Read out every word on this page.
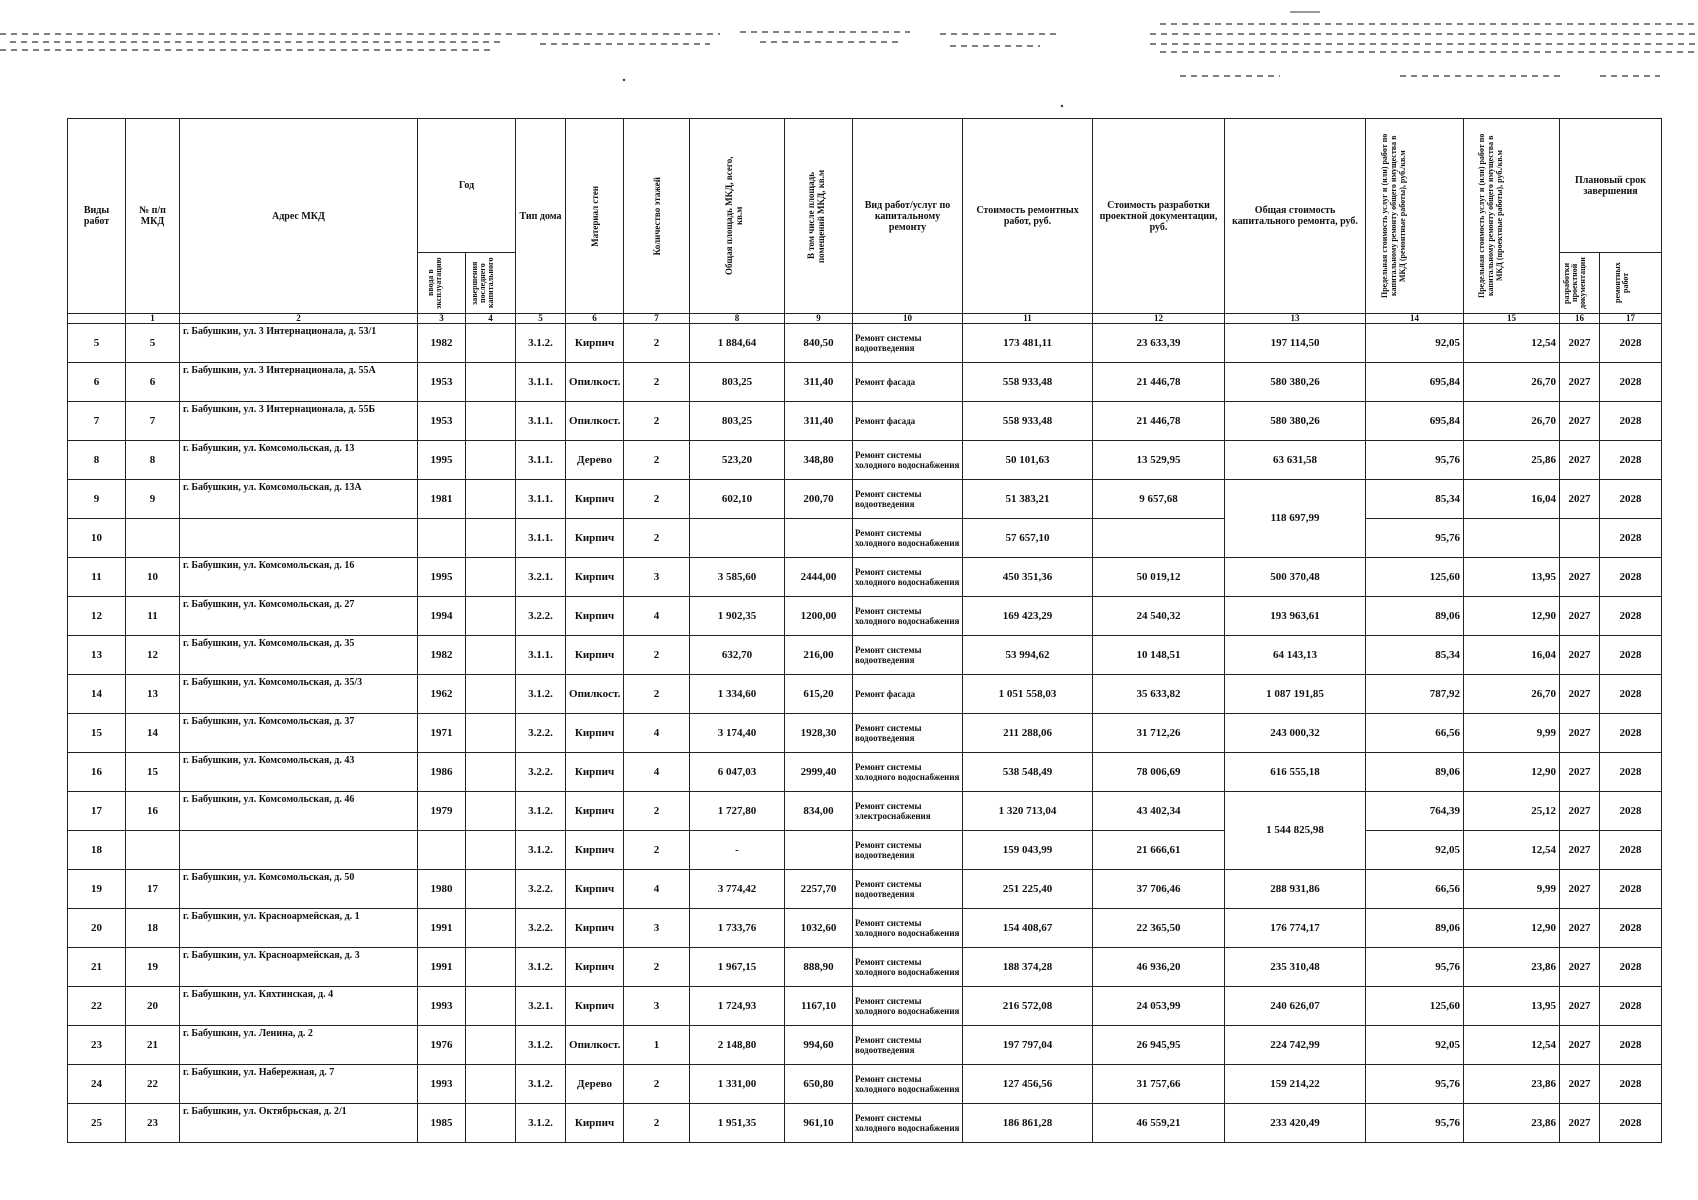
Виды работ	№ п/п МКД	Адрес МКД	Год		Тип дома	Материал стен	Количество этажей	Общая площадь МКД, всего, кв.м	В том числе площадь помещений МКД, кв.м	Вид работ/услуг по капитальному ремонту	Стоимость ремонтных работ, руб.	Стоимость разработки проектной документации, руб.	Общая стоимость капитального ремонта, руб.	Предельная стоимость услуг и (или) работ по капитальному ремонту общего имущества в МКД (ремонтные работы), руб./кв.м	Предельная стоимость услуг и (или) работ по капитальному ремонту общего имущества в МКД (проектные работы), руб./кв.м	Плановый срок завершения	

			ввода в эксплуатацию	завершения последнего капитального												разработки проектной документации	ремонтных работ

	1	2	3	4	5	6	7	8	9	10	11	12	13	14	15	16	17
5	5	г. Бабушкин, ул. 3 Интернационала, д. 53/1	1982		3.1.2.	Кирпич	2	1 884,64	840,50	Ремонт системы водоотведения	173 481,11	23 633,39	197 114,50	92,05	12,54	2027	2028
6	6	г. Бабушкин, ул. 3 Интернационала, д. 55А	1953		3.1.1.	Опилкост.	2	803,25	311,40	Ремонт фасада	558 933,48	21 446,78	580 380,26	695,84	26,70	2027	2028
7	7	г. Бабушкин, ул. 3 Интернационала, д. 55Б	1953		3.1.1.	Опилкост.	2	803,25	311,40	Ремонт фасада	558 933,48	21 446,78	580 380,26	695,84	26,70	2027	2028
8	8	г. Бабушкин, ул. Комсомольская, д. 13	1995		3.1.1.	Дерево	2	523,20	348,80	Ремонт системы холодного водоснабжения	50 101,63	13 529,95	63 631,58	95,76	25,86	2027	2028
9	9	г. Бабушкин, ул. Комсомольская, д. 13А	1981		3.1.1.	Кирпич	2	602,10	200,70	Ремонт системы водоотведения	51 383,21	9 657,68	118 697,99	85,34	16,04	2027	2028
10					3.1.1.	Кирпич	2			Ремонт системы холодного водоснабжения	57 657,10			95,76			2028
11	10	г. Бабушкин, ул. Комсомольская, д. 16	1995		3.2.1.	Кирпич	3	3 585,60	2444,00	Ремонт системы холодного водоснабжения	450 351,36	50 019,12	500 370,48	125,60	13,95	2027	2028
12	11	г. Бабушкин, ул. Комсомольская, д. 27	1994		3.2.2.	Кирпич	4	1 902,35	1200,00	Ремонт системы холодного водоснабжения	169 423,29	24 540,32	193 963,61	89,06	12,90	2027	2028
13	12	г. Бабушкин, ул. Комсомольская, д. 35	1982		3.1.1.	Кирпич	2	632,70	216,00	Ремонт системы водоотведения	53 994,62	10 148,51	64 143,13	85,34	16,04	2027	2028
14	13	г. Бабушкин, ул. Комсомольская, д. 35/3	1962		3.1.2.	Опилкост.	2	1 334,60	615,20	Ремонт фасада	1 051 558,03	35 633,82	1 087 191,85	787,92	26,70	2027	2028
15	14	г. Бабушкин, ул. Комсомольская, д. 37	1971		3.2.2.	Кирпич	4	3 174,40	1928,30	Ремонт системы водоотведения	211 288,06	31 712,26	243 000,32	66,56	9,99	2027	2028
16	15	г. Бабушкин, ул. Комсомольская, д. 43	1986		3.2.2.	Кирпич	4	6 047,03	2999,40	Ремонт системы холодного водоснабжения	538 548,49	78 006,69	616 555,18	89,06	12,90	2027	2028
17	16	г. Бабушкин, ул. Комсомольская, д. 46	1979		3.1.2.	Кирпич	2	1 727,80	834,00	Ремонт системы электроснабжения	1 320 713,04	43 402,34	1 544 825,98	764,39	25,12	2027	2028
18					3.1.2.	Кирпич	2	-		Ремонт системы водоотведения	159 043,99	21 666,61		92,05	12,54	2027	2028
19	17	г. Бабушкин, ул. Комсомольская, д. 50	1980		3.2.2.	Кирпич	4	3 774,42	2257,70	Ремонт системы водоотведения	251 225,40	37 706,46	288 931,86	66,56	9,99	2027	2028
20	18	г. Бабушкин, ул. Красноармейская, д. 1	1991		3.2.2.	Кирпич	3	1 733,76	1032,60	Ремонт системы холодного водоснабжения	154 408,67	22 365,50	176 774,17	89,06	12,90	2027	2028
21	19	г. Бабушкин, ул. Красноармейская, д. 3	1991		3.1.2.	Кирпич	2	1 967,15	888,90	Ремонт системы холодного водоснабжения	188 374,28	46 936,20	235 310,48	95,76	23,86	2027	2028
22	20	г. Бабушкин, ул. Кяхтинская, д. 4	1993		3.2.1.	Кирпич	3	1 724,93	1167,10	Ремонт системы холодного водоснабжения	216 572,08	24 053,99	240 626,07	125,60	13,95	2027	2028
23	21	г. Бабушкин, ул. Ленина, д. 2	1976		3.1.2.	Опилкост.	1	2 148,80	994,60	Ремонт системы водоотведения	197 797,04	26 945,95	224 742,99	92,05	12,54	2027	2028
24	22	г. Бабушкин, ул. Набережная, д. 7	1993		3.1.2.	Дерево	2	1 331,00	650,80	Ремонт системы холодного водоснабжения	127 456,56	31 757,66	159 214,22	95,76	23,86	2027	2028
25	23	г. Бабушкин, ул. Октябрьская, д. 2/1	1985		3.1.2.	Кирпич	2	1 951,35	961,10	Ремонт системы холодного водоснабжения	186 861,28	46 559,21	233 420,49	95,76	23,86	2027	2028
